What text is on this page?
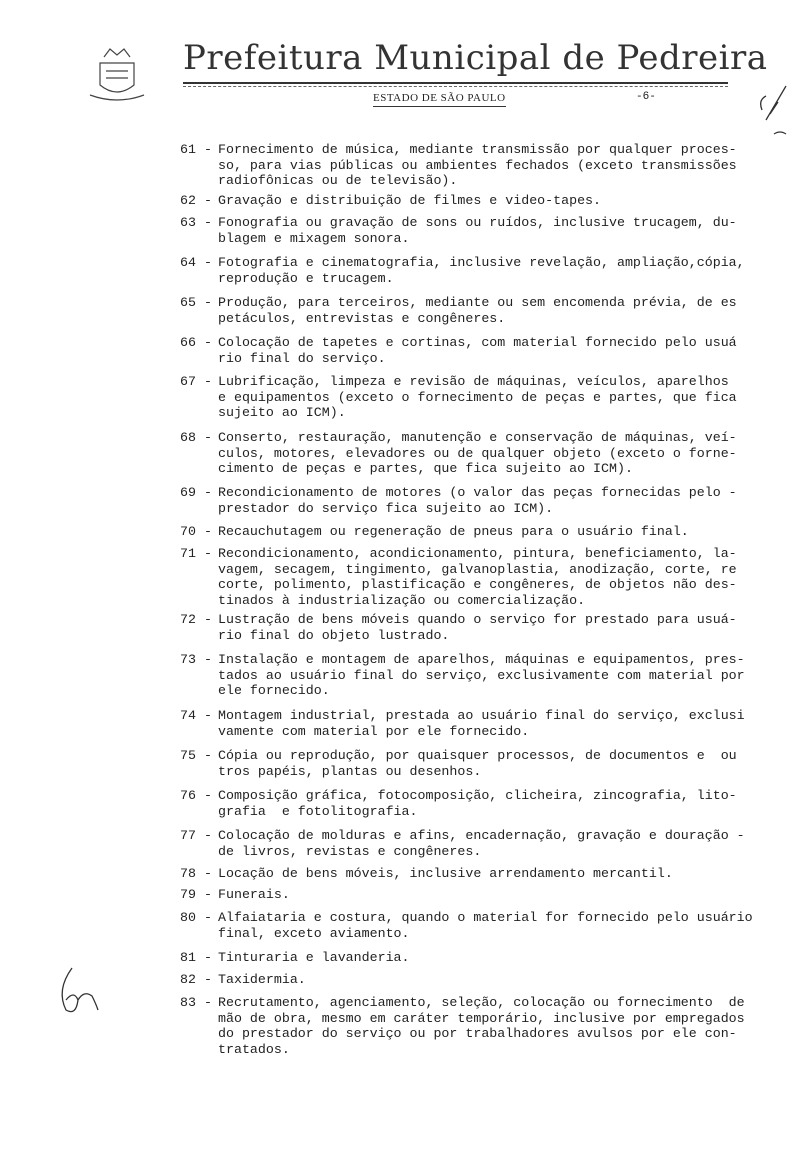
Prefeitura Municipal de Pedreira
ESTADO DE SÃO PAULO	-6-
61 - Fornecimento de música, mediante transmissão por qualquer proces-
so, para vias públicas ou ambientes fechados (exceto transmissões
radiofônicas ou de televisão).
62 - Gravação e distribuição de filmes e video-tapes.
63 - Fonografia ou gravação de sons ou ruídos, inclusive trucagem, du-
blagem e mixagem sonora.
64 - Fotografia e cinematografia, inclusive revelação, ampliação,cópia,
reprodução e trucagem.
65 - Produção, para terceiros, mediante ou sem encomenda prévia, de es
petáculos, entrevistas e congêneres.
66 - Colocação de tapetes e cortinas, com material fornecido pelo usuá
rio final do serviço.
67 - Lubrificação, limpeza e revisão de máquinas, veículos, aparelhos
e equipamentos (exceto o fornecimento de peças e partes, que fica
sujeito ao ICM).
68 - Conserto, restauração, manutenção e conservação de máquinas, veí-
culos, motores, elevadores ou de qualquer objeto (exceto o forne-
cimento de peças e partes, que fica sujeito ao ICM).
69 - Recondicionamento de motores (o valor das peças fornecidas pelo -
prestador do serviço fica sujeito ao ICM).
70 - Recauchutagem ou regeneração de pneus para o usuário final.
71 - Recondicionamento, acondicionamento, pintura, beneficiamento, la-
vagem, secagem, tingimento, galvanoplastia, anodização, corte, re
corte, polimento, plastificação e congêneres, de objetos não des-
tinados à industrialização ou comercialização.
72 - Lustração de bens móveis quando o serviço for prestado para usuá-
rio final do objeto lustrado.
73 - Instalação e montagem de aparelhos, máquinas e equipamentos, pres-
tados ao usuário final do serviço, exclusivamente com material por
ele fornecido.
74 - Montagem industrial, prestada ao usuário final do serviço, exclusi
vamente com material por ele fornecido.
75 - Cópia ou reprodução, por quaisquer processos, de documentos e  ou
tros papéis, plantas ou desenhos.
76 - Composição gráfica, fotocomposição, clicheira, zincografia, lito-
grafia  e fotolitografia.
77 - Colocação de molduras e afins, encadernação, gravação e douração -
de livros, revistas e congêneres.
78 - Locação de bens móveis, inclusive arrendamento mercantil.
79 - Funerais.
80 - Alfaiataria e costura, quando o material for fornecido pelo usuário
final, exceto aviamento.
81 - Tinturaria e lavanderia.
82 - Taxidermia.
83 - Recrutamento, agenciamento, seleção, colocação ou fornecimento  de
mão de obra, mesmo em caráter temporário, inclusive por empregados
do prestador do serviço ou por trabalhadores avulsos por ele con-
tratados.
